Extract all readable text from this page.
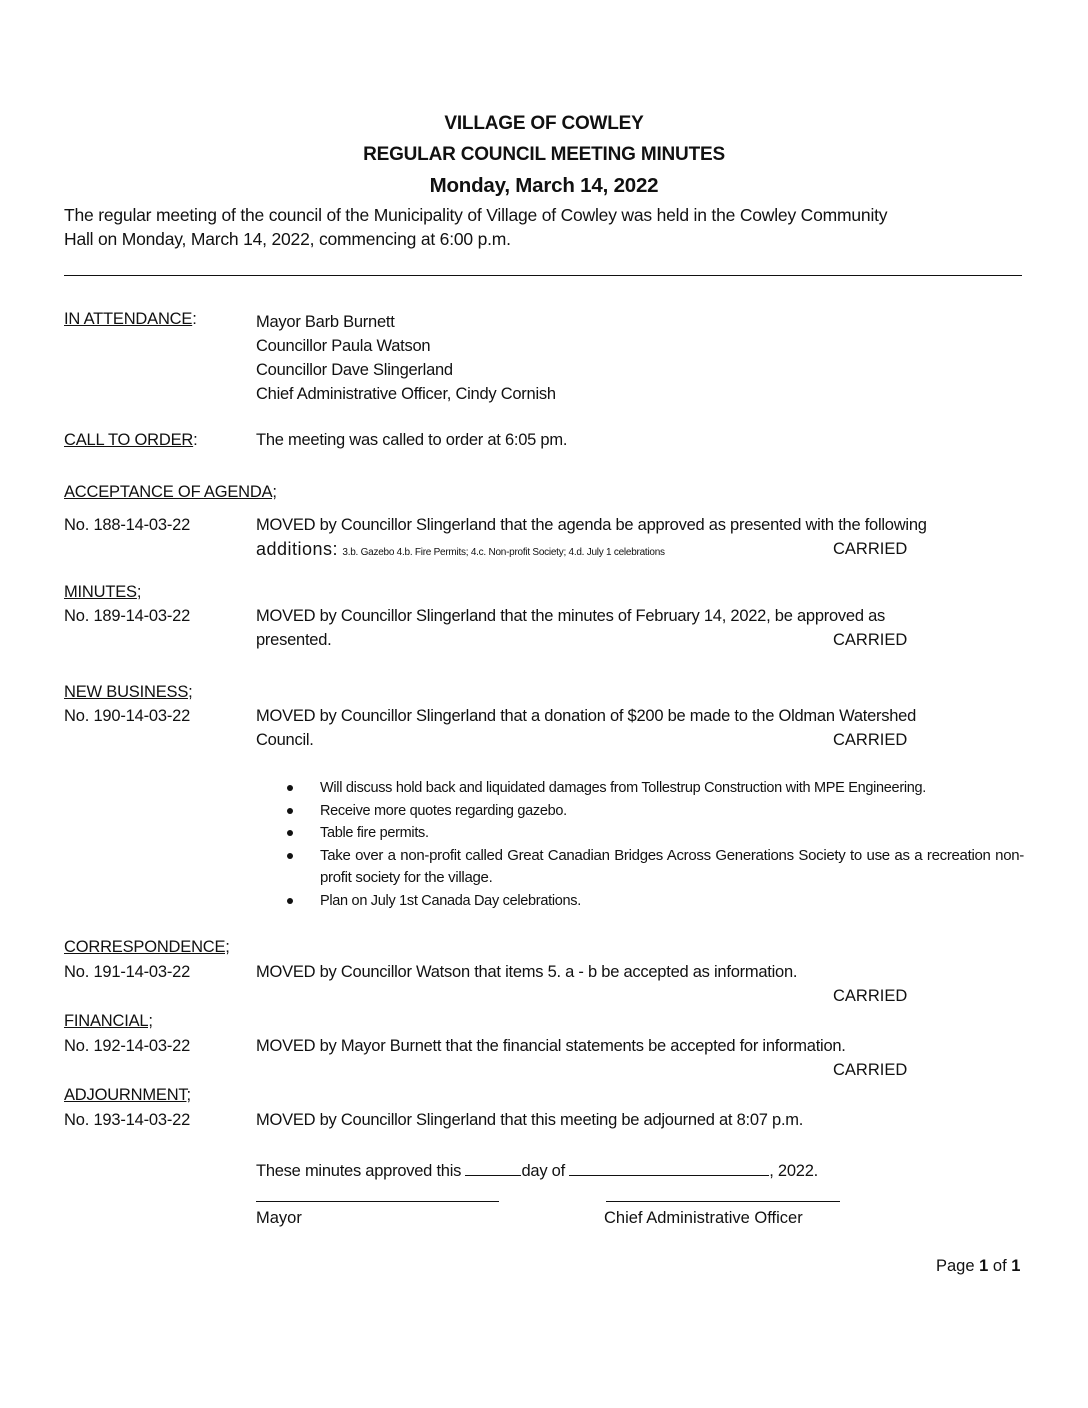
VILLAGE OF COWLEY
REGULAR COUNCIL MEETING MINUTES
Monday, March 14, 2022
The regular meeting of the council of the Municipality of Village of Cowley was held in the Cowley Community
Hall on Monday, March 14, 2022, commencing at 6:00 p.m.
IN ATTENDANCE:	Mayor Barb Burnett
Councillor Paula Watson
Councillor Dave Slingerland
Chief Administrative Officer, Cindy Cornish
CALL TO ORDER:	The meeting was called to order at 6:05 pm.
ACCEPTANCE OF AGENDA;
No. 188-14-03-22	MOVED by Councillor Slingerland that the agenda be approved as presented with the following
additions: 3.b. Gazebo 4.b. Fire Permits; 4.c. Non-profit Society; 4.d. July 1 celebrations	CARRIED
MINUTES;
No. 189-14-03-22	MOVED by Councillor Slingerland that the minutes of February 14, 2022, be approved as
presented.	CARRIED
NEW BUSINESS;
No. 190-14-03-22	MOVED by Councillor Slingerland that a donation of $200 be made to the Oldman Watershed
Council.	CARRIED
Will discuss hold back and liquidated damages from Tollestrup Construction with MPE Engineering.
Receive more quotes regarding gazebo.
Table fire permits.
Take over a non-profit called Great Canadian Bridges Across Generations Society to use as a recreation non-profit society for the village.
Plan on July 1st Canada Day celebrations.
CORRESPONDENCE;
No. 191-14-03-22	MOVED by Councillor Watson that items 5. a - b be accepted as information.
CARRIED
FINANCIAL;
No. 192-14-03-22	MOVED by Mayor Burnett that the financial statements be accepted for information.
CARRIED
ADJOURNMENT;
No. 193-14-03-22	MOVED by Councillor Slingerland that this meeting be adjourned at 8:07 p.m.
These minutes approved this	day of	, 2022.
Mayor	Chief Administrative Officer
Page 1 of 1
